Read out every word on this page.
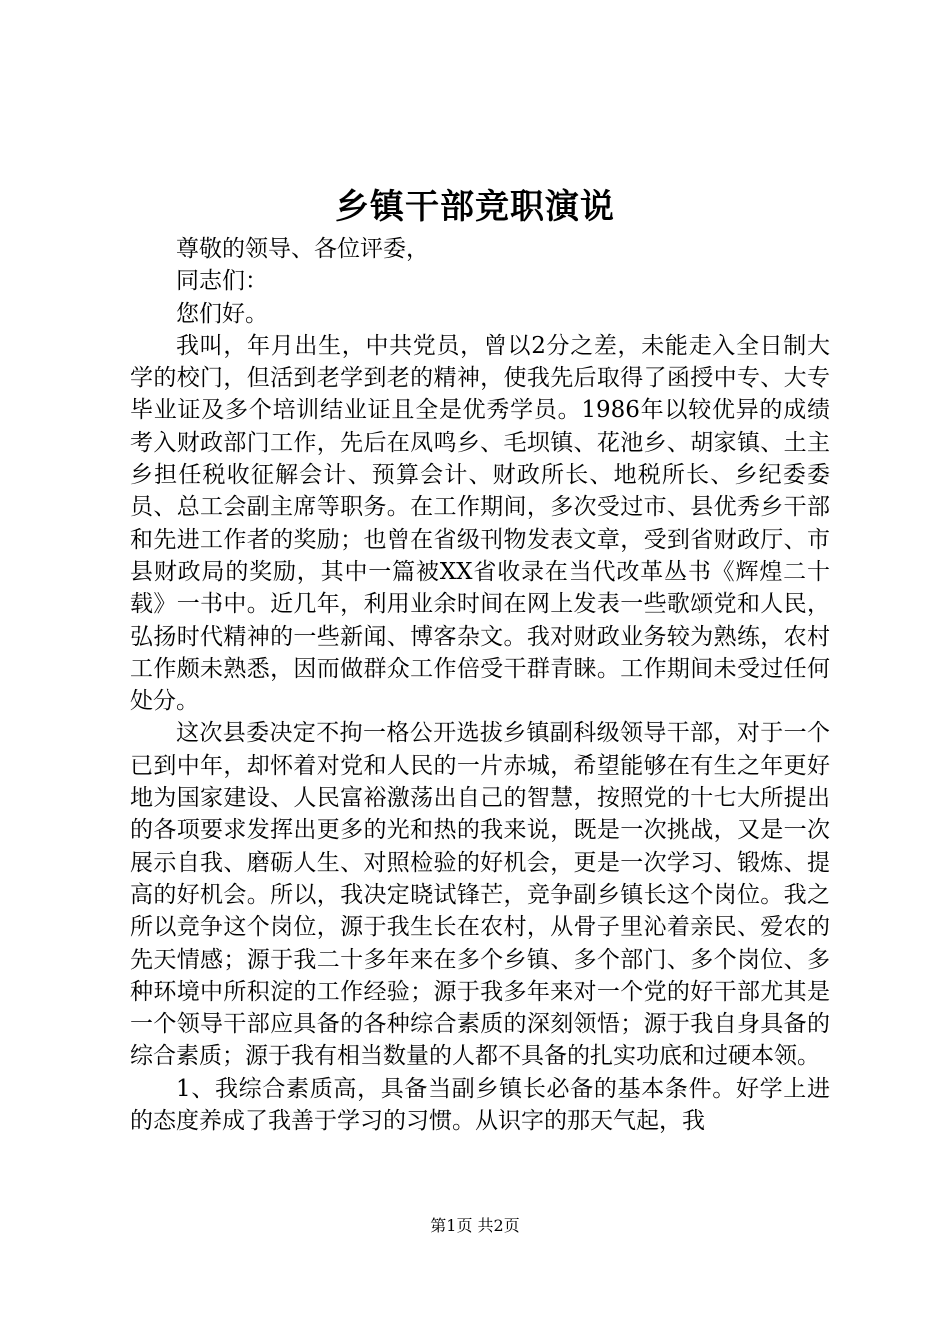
乡镇干部竞职演说

尊敬的领导、各位评委，

同志们：

您们好。

我叫，年月出生，中共党员，曾以2分之差，未能走入全日制大学的校门，但活到老学到老的精神，使我先后取得了函授中专、大专毕业证及多个培训结业证且全是优秀学员。1986年以较优异的成绩考入财政部门工作，先后在凤鸣乡、毛坝镇、花池乡、胡家镇、土主乡担任税收征解会计、预算会计、财政所长、地税所长、乡纪委委员、总工会副主席等职务。在工作期间，多次受过市、县优秀乡干部和先进工作者的奖励；也曾在省级刊物发表文章，受到省财政厅、市县财政局的奖励，其中一篇被XX省收录在当代改革丛书《辉煌二十载》一书中。近几年，利用业余时间在网上发表一些歌颂党和人民，弘扬时代精神的一些新闻、博客杂文。我对财政业务较为熟练，农村工作颇未熟悉，因而做群众工作倍受干群青睐。工作期间未受过任何处分。

这次县委决定不拘一格公开选拔乡镇副科级领导干部，对于一个已到中年，却怀着对党和人民的一片赤城，希望能够在有生之年更好地为国家建设、人民富裕激荡出自己的智慧，按照党的十七大所提出的各项要求发挥出更多的光和热的我来说，既是一次挑战，又是一次展示自我、磨砺人生、对照检验的好机会，更是一次学习、锻炼、提高的好机会。所以，我决定晓试锋芒，竞争副乡镇长这个岗位。我之所以竞争这个岗位，源于我生长在农村，从骨子里沁着亲民、爱农的先天情感；源于我二十多年来在多个乡镇、多个部门、多个岗位、多种环境中所积淀的工作经验；源于我多年来对一个党的好干部尤其是一个领导干部应具备的各种综合素质的深刻领悟；源于我自身具备的综合素质；源于我有相当数量的人都不具备的扎实功底和过硬本领。

1、我综合素质高，具备当副乡镇长必备的基本条件。好学上进的态度养成了我善于学习的习惯。从识字的那天气起，我

第1页 共2页
